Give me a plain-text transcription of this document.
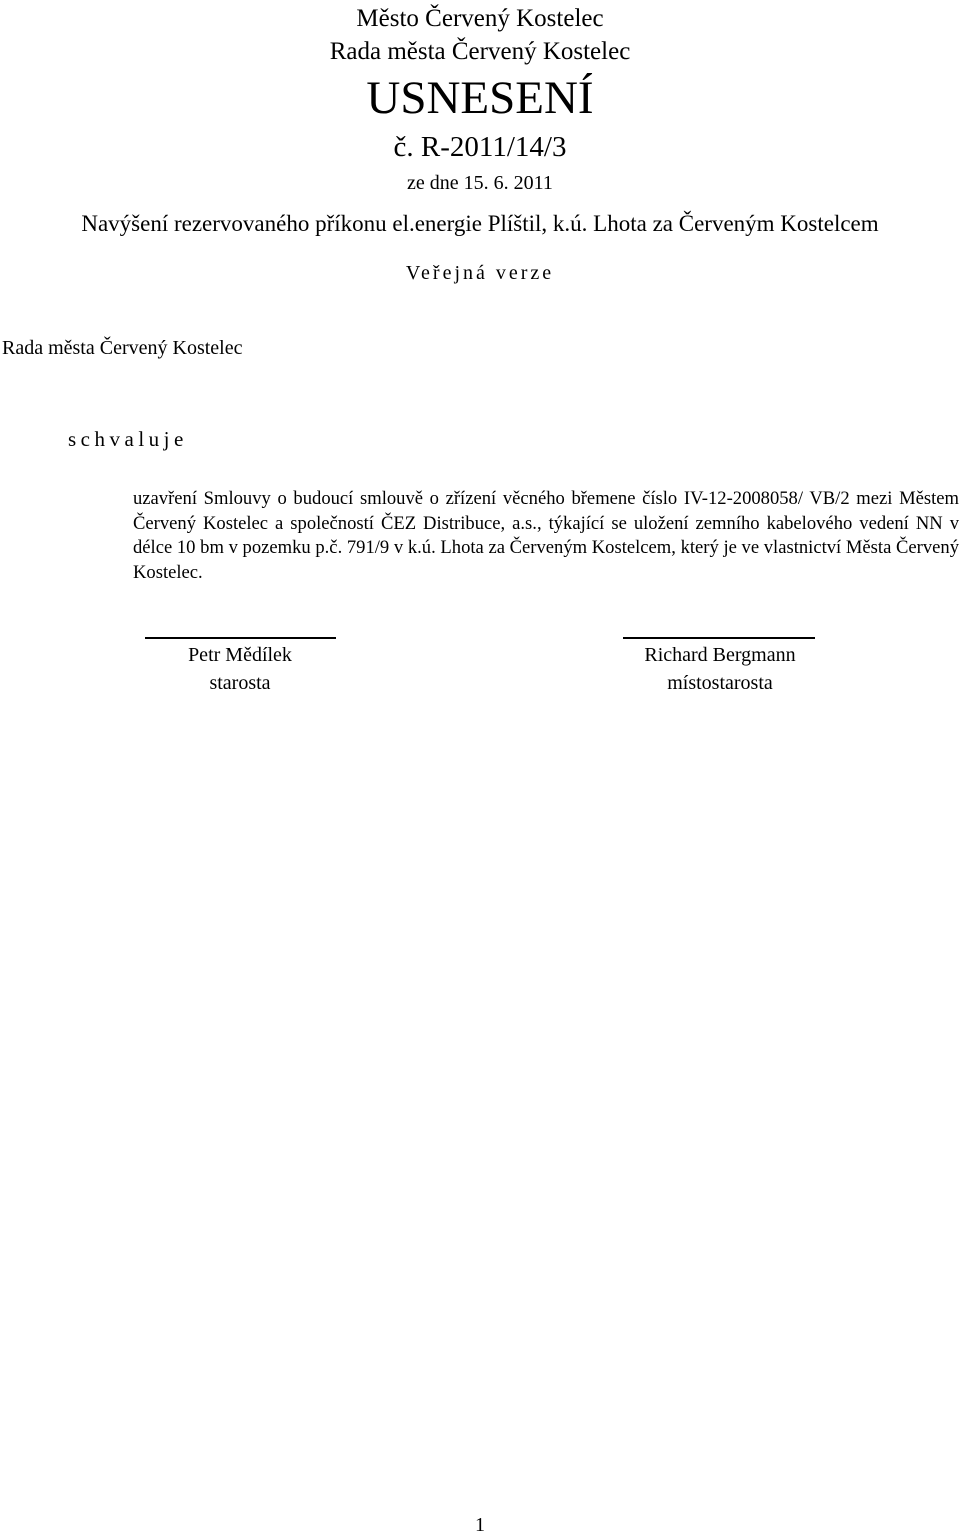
Město Červený Kostelec
Rada města Červený Kostelec
USNESENÍ
č. R-2011/14/3
ze dne 15. 6. 2011
Navýšení rezervovaného příkonu el.energie Plíštil, k.ú. Lhota za Červeným Kostelcem
Veřejná verze
Rada města Červený Kostelec
schvaluje
uzavření Smlouvy o budoucí smlouvě o zřízení věcného břemene číslo IV-12-2008058/ VB/2 mezi Městem Červený Kostelec a společností ČEZ Distribuce, a.s., týkající se uložení zemního kabelového vedení NN v délce 10 bm v pozemku p.č. 791/9 v k.ú. Lhota za Červeným Kostelcem, který je ve vlastnictví Města Červený Kostelec.
Petr Mědílek
starosta
Richard Bergmann
místostarosta
1
